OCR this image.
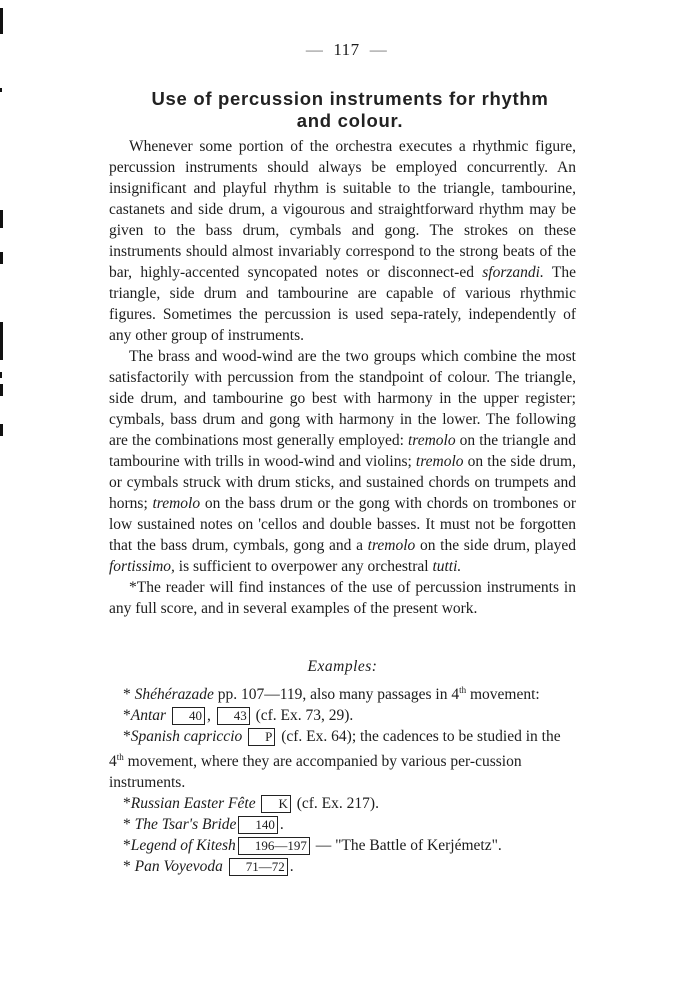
— 117 —
Use of percussion instruments for rhythm
and colour.

Whenever some portion of the orchestra executes a rhythmic figure, percussion instruments should always be employed concurrently. An insignificant and playful rhythm is suitable to the triangle, tambourine, castanets and side drum, a vigourous and straightforward rhythm may be given to the bass drum, cymbals and gong. The strokes on these instruments should almost invariably correspond to the strong beats of the bar, highly-accented syncopated notes or disconnect-ed sforzandi. The triangle, side drum and tambourine are capable of various rhythmic figures. Sometimes the percussion is used sepa-rately, independently of any other group of instruments.

The brass and wood-wind are the two groups which combine the most satisfactorily with percussion from the standpoint of colour. The triangle, side drum, and tambourine go best with harmony in the upper register; cymbals, bass drum and gong with harmony in the lower. The following are the combinations most generally employed: tremolo on the triangle and tambourine with trills in wood-wind and violins; tremolo on the side drum, or cymbals struck with drum sticks, and sustained chords on trumpets and horns; tremolo on the bass drum or the gong with chords on trombones or low sustained notes on 'cellos and double basses. It must not be forgotten that the bass drum, cymbals, gong and a tremolo on the side drum, played fortissimo, is sufficient to overpower any orchestral tutti.

*The reader will find instances of the use of percussion instruments in any full score, and in several examples of the present work.

Examples:

* Shéhérazade pp. 107—119, also many passages in 4th movement:

*Antar 40 , 43 (cf. Ex. 73, 29).

*Spanish capriccio P (cf. Ex. 64); the cadences to be studied in the 4th movement, where they are accompanied by various per-cussion instruments.

*Russian Easter Fête K (cf. Ex. 217).

* The Tsar's Bride 140 .

*Legend of Kitesh 196—197 — "The Battle of Kerjémetz".

* Pan Voyevoda 71—72 .
